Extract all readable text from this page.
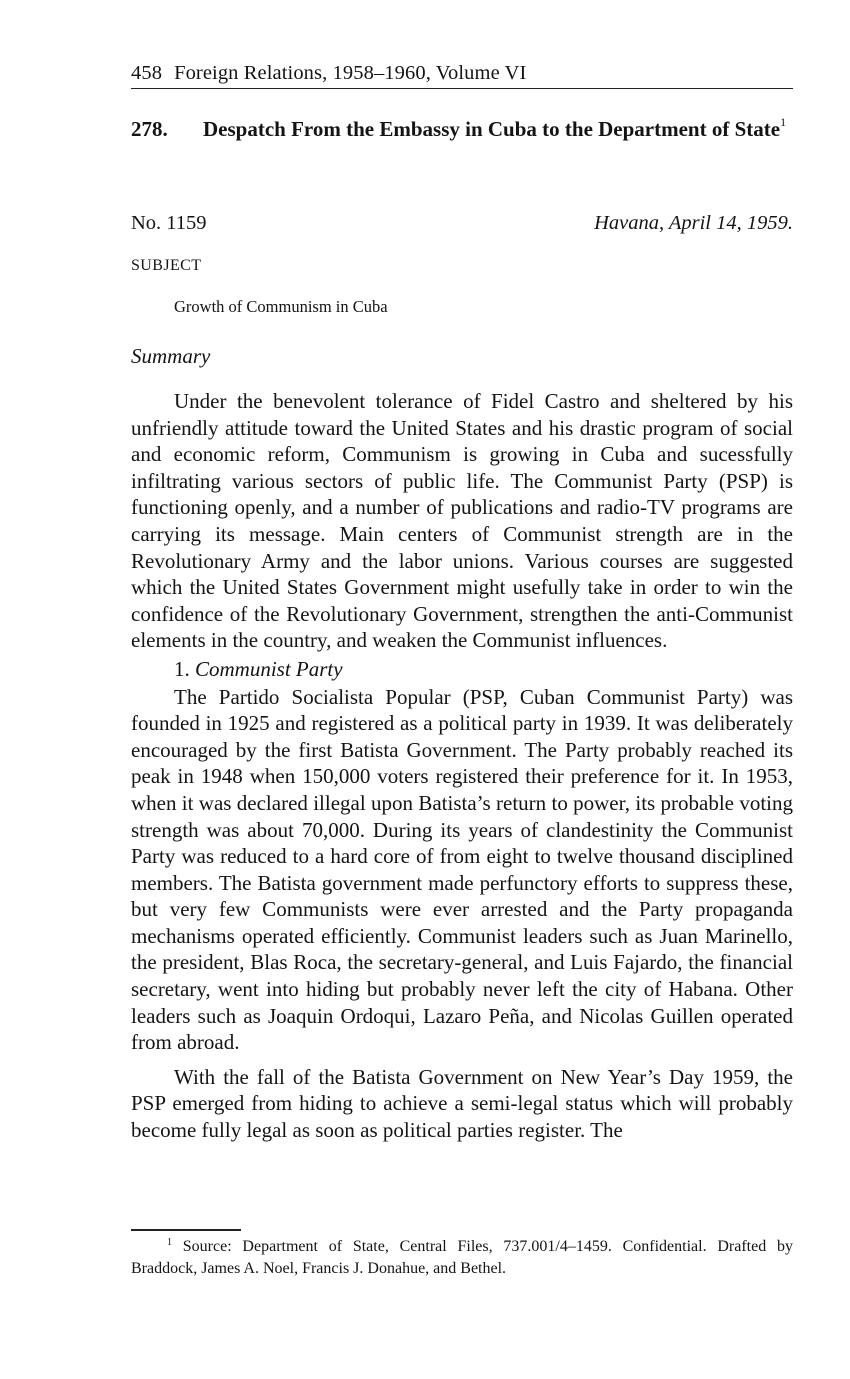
458 Foreign Relations, 1958–1960, Volume VI
278. Despatch From the Embassy in Cuba to the Department of State$^1$
No. 1159	Havana, April 14, 1959.
SUBJECT
Growth of Communism in Cuba
Summary

Under the benevolent tolerance of Fidel Castro and sheltered by his unfriendly attitude toward the United States and his drastic program of social and economic reform, Communism is growing in Cuba and sucessfully infiltrating various sectors of public life. The Communist Party (PSP) is functioning openly, and a number of publications and radio-TV programs are carrying its message. Main centers of Communist strength are in the Revolutionary Army and the labor unions. Various courses are suggested which the United States Government might usefully take in order to win the confidence of the Revolutionary Government, strengthen the anti-Communist elements in the country, and weaken the Communist influences.

1. Communist Party

The Partido Socialista Popular (PSP, Cuban Communist Party) was founded in 1925 and registered as a political party in 1939. It was deliberately encouraged by the first Batista Government. The Party probably reached its peak in 1948 when 150,000 voters registered their preference for it. In 1953, when it was declared illegal upon Batista’s return to power, its probable voting strength was about 70,000. During its years of clandestinity the Communist Party was reduced to a hard core of from eight to twelve thousand disciplined members. The Batista government made perfunctory efforts to suppress these, but very few Communists were ever arrested and the Party propaganda mechanisms operated efficiently. Communist leaders such as Juan Marinello, the president, Blas Roca, the secretary-general, and Luis Fajardo, the financial secretary, went into hiding but probably never left the city of Habana. Other leaders such as Joaquin Ordoqui, Lazaro Peña, and Nicolas Guillen operated from abroad.

With the fall of the Batista Government on New Year’s Day 1959, the PSP emerged from hiding to achieve a semi-legal status which will probably become fully legal as soon as political parties register. The

$^1$ Source: Department of State, Central Files, 737.001/4–1459. Confidential. Drafted by Braddock, James A. Noel, Francis J. Donahue, and Bethel.
